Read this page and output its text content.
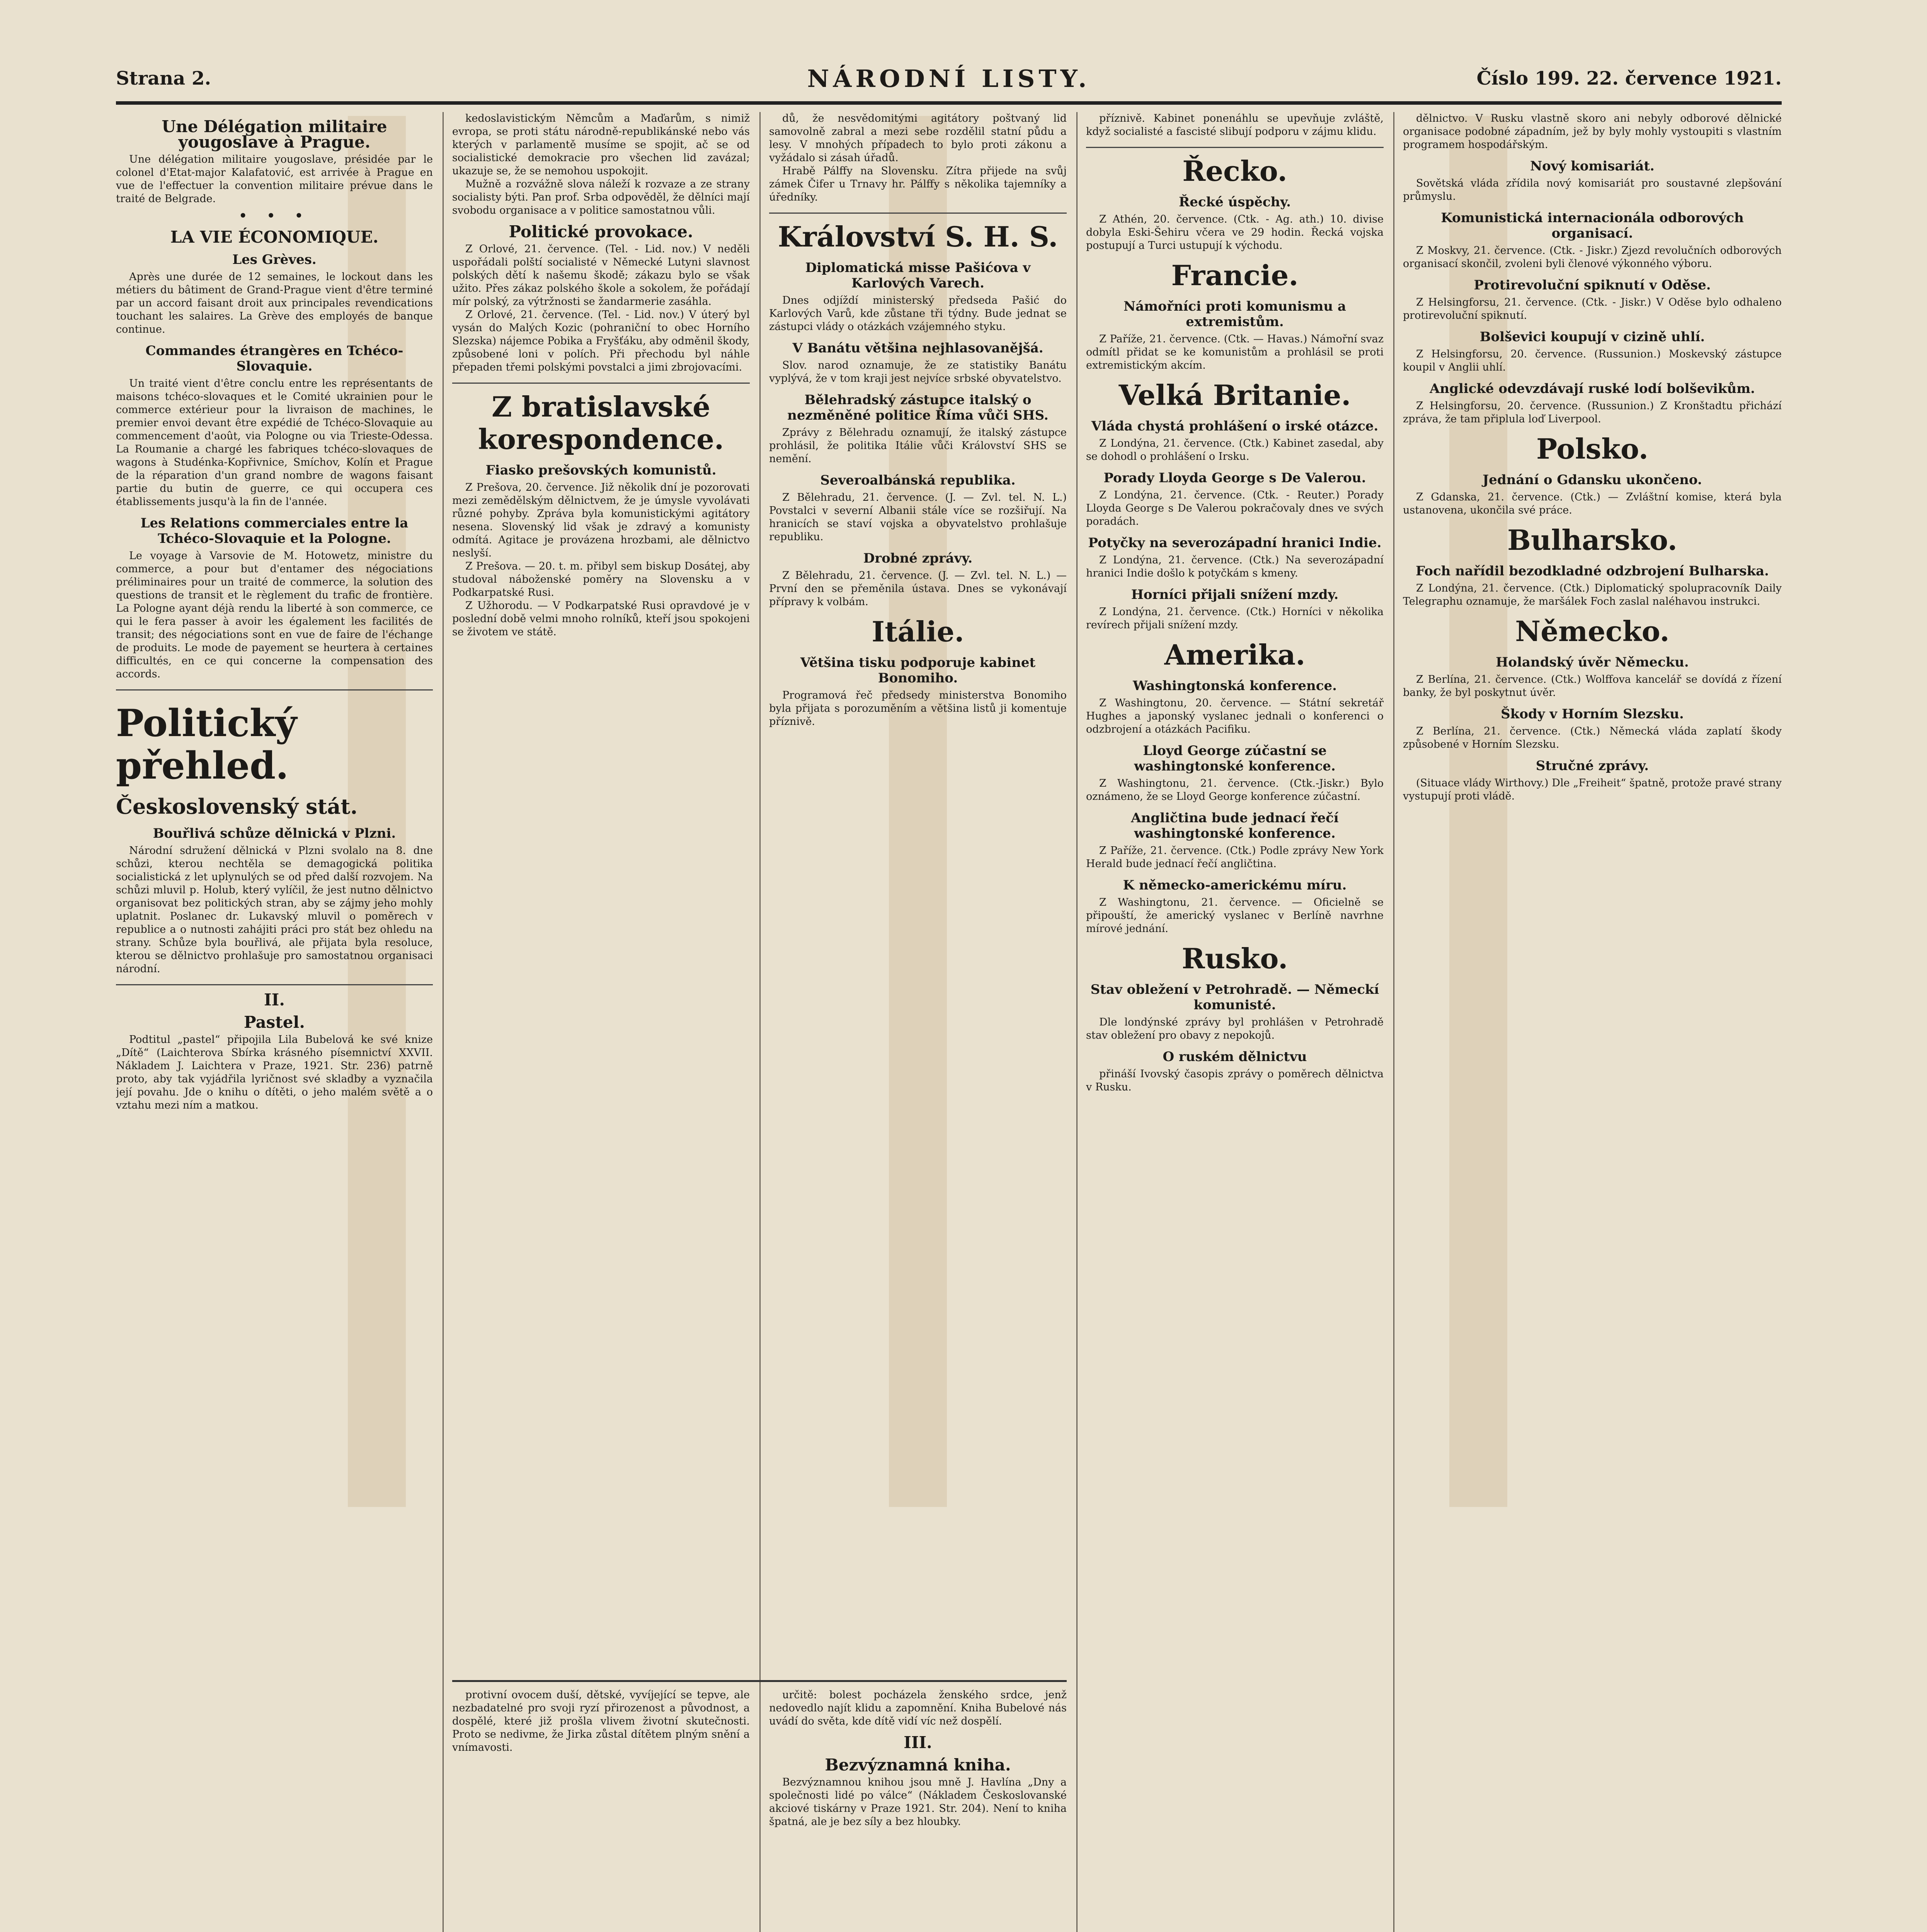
Strana 2.	NÁRODNÍ LISTY.	Číslo 199. 22. července 1921.
Une Délégation militaire yougoslave à Prague.

Une délégation militaire yougoslave, présidée par le colonel d'Etat-major Kalafatović, est arrivée à Prague en vue de l'effectuer la convention militaire prévue dans le traité de Belgrade.

• • •
LA VIE ÉCONOMIQUE.
Les Grèves.

Après une durée de 12 semaines, le lockout dans les métiers du bâtiment de Grand-Prague vient d'être terminé par un accord faisant droit aux principales revendications touchant les salaires. La Grève des employés de banque continue.

Commandes étrangères en Tchéco-Slovaquie.

Un traité vient d'être conclu entre les représentants de maisons tchéco-slovaques et le Comité ukrainien pour le commerce extérieur pour la livraison de machines, le premier envoi devant être expédié de Tchéco-Slovaquie au commencement d'août, via Pologne ou via Trieste-Odessa. La Roumanie a chargé les fabriques tchéco-slovaques de wagons à Studénka-Kopřivnice, Smíchov, Kolín et Prague de la réparation d'un grand nombre de wagons faisant partie du butin de guerre, ce qui occupera ces établissements jusqu'à la fin de l'année.

Les Relations commerciales entre la Tchéco-Slovaquie et la Pologne.

Le voyage à Varsovie de M. Hotowetz, ministre du commerce, a pour but d'entamer des négociations préliminaires pour un traité de commerce, la solution des questions de transit et le règlement du trafic de frontière. La Pologne ayant déjà rendu la liberté à son commerce, ce qui le fera passer à avoir les également les facilités de transit; des négociations sont en vue de faire de l'échange de produits. Le mode de payement se heurtera à certaines difficultés, en ce qui concerne la compensation des accords.

Politický přehled.
Československý stát.
Bouřlivá schůze dělnická v Plzni.

Národní sdružení dělnická v Plzni svolalo na 8. dne schůzi, kterou nechtěla se demagogická politika socialistická z let uplynulých se od před další rozvojem. Na schůzi mluvil p. Holub, který vylíčil, že jest nutno dělnictvo organisovat bez politických stran, aby se zájmy jeho mohly uplatnit. Poslanec dr. Lukavský mluvil o poměrech v republice a o nutnosti zahájiti práci pro stát bez ohledu na strany. Schůze byla bouřlivá, ale přijata byla resoluce, kterou se dělnictvo prohlašuje pro samostatnou organisaci národní.

II.
Pastel.

Podtitul „pastel“ připojila Lila Bubelová ke své knize „Dítě“ (Laichterova Sbírka krásného písemnictví XXVII. Nákladem J. Laichtera v Praze, 1921. Str. 236) patrně proto, aby tak vyjádřila lyričnost své skladby a vyznačila její povahu. Jde o knihu o dítěti, o jeho malém světě a o vztahu mezi ním a matkou.

kedoslavistickým Němcům a Maďarům, s nimiž evropa, se proti státu národně-republikánské nebo vás kterých v parlamentě musíme se spojit, ač se od socialistické demokracie pro všechen lid zavázal; ukazuje se, že se nemohou uspokojit.

Mužně a rozvážně slova náleží k rozvaze a ze strany socialisty býti. Pan prof. Srba odpověděl, že dělníci mají svobodu organisace a v politice samostatnou vůli.

Politické provokace.

Z Orlové, 21. července. (Tel. - Lid. nov.) V neděli uspořádali polští socialisté v Německé Lutyni slavnost polských dětí k našemu škodě; zákazu bylo se však užito. Přes zákaz polského škole a sokolem, že pořádají mír polský, za výtržnosti se žandarmerie zasáhla.

Z Orlové, 21. července. (Tel. - Lid. nov.) V úterý byl vysán do Malých Kozic (pohraniční to obec Horního Slezska) nájemce Pobika a Fryšťáku, aby odměnil škody, způsobené loni v polích. Při přechodu byl náhle přepaden třemi polskými povstalci a jimi zbrojovacími.

Z bratislavské korespondence.
Fiasko prešovských komunistů.

Z Prešova, 20. července. Již několik dní je pozorovati mezi zemědělským dělnictvem, že je úmysle vyvolávati různé pohyby. Zpráva byla komunistickými agitátory nesena. Slovenský lid však je zdravý a komunisty odmítá. Agitace je provázena hrozbami, ale dělnictvo neslyší.

Z Prešova. — 20. t. m. přibyl sem biskup Dosátej, aby studoval náboženské poměry na Slovensku a v Podkarpatské Rusi.

Z Užhorodu. — V Podkarpatské Rusi opravdové je v poslední době velmi mnoho rolníků, kteří jsou spokojeni se životem ve státě.

dů, že nesvědomitými agitátory poštvaný lid samovolně zabral a mezi sebe rozdělil statní půdu a lesy. V mnohých případech to bylo proti zákonu a vyžádalo si zásah úřadů.

Hrabě Pálffy na Slovensku. Zítra přijede na svůj zámek Čifer u Trnavy hr. Pálffy s několika tajemníky a úředníky.

Království S. H. S.
Diplomatická misse Pašićova v Karlových Varech.

Dnes odjíždí ministerský předseda Pašić do Karlových Varů, kde zůstane tři týdny. Bude jednat se zástupci vlády o otázkách vzájemného styku.

V Banátu většina nejhlasovanějšá.

Slov. narod oznamuje, že ze statistiky Banátu vyplývá, že v tom kraji jest nejvíce srbské obyvatelstvo.

Bělehradský zástupce italský o nezměněné politice Říma vůči SHS.

Zprávy z Bělehradu oznamují, že italský zástupce prohlásil, že politika Itálie vůči Království SHS se nemění.

Severoalbánská republika.

Z Bělehradu, 21. července. (J. — Zvl. tel. N. L.) Povstalci v severní Albanii stále více se rozšiřují. Na hranicích se staví vojska a obyvatelstvo prohlašuje republiku.

Drobné zprávy.

Z Bělehradu, 21. července. (J. — Zvl. tel. N. L.) — První den se přeměnila ústava. Dnes se vykonávají přípravy k volbám.

Itálie.
Většina tisku podporuje kabinet Bonomiho.

Programová řeč předsedy ministerstva Bonomiho byla přijata s porozuměním a většina listů ji komentuje příznivě.

protivní ovocem duší, dětské, vyvíjející se tepve, ale nezbadatelné pro svoji ryzí přirozenost a původnost, a dospělé, které již prošla vlivem životní skutečnosti. Proto se nedivme, že Jirka zůstal dítětem plným snění a vnímavosti.

určitě: bolest pocházela ženského srdce, jenž nedovedlo najít klidu a zapomnění. Kniha Bubelové nás uvádí do světa, kde dítě vidí víc než dospělí.

III.
Bezvýznamná kniha.

Bezvýznamnou knihou jsou mně J. Havlína „Dny a společnosti lidé po válce“ (Nákladem Českoslovanské akciové tiskárny v Praze 1921. Str. 204). Není to kniha špatná, ale je bez síly a bez hloubky.

příznivě. Kabinet ponenáhlu se upevňuje zvláště, když socialisté a fascisté slibují podporu v zájmu klidu.

Řecko.
Řecké úspěchy.

Z Athén, 20. července. (Ctk. - Ag. ath.) 10. divise dobyla Eski-Šehiru včera ve 29 hodin. Řecká vojska postupují a Turci ustupují k východu.

Francie.
Námořníci proti komunismu a extremistům.

Z Paříže, 21. července. (Ctk. — Havas.) Námořní svaz odmítl přidat se ke komunistům a prohlásil se proti extremistickým akcím.

Velká Britanie.
Vláda chystá prohlášení o irské otázce.

Z Londýna, 21. července. (Ctk.) Kabinet zasedal, aby se dohodl o prohlášení o Irsku.

Porady Lloyda George s De Valerou.

Z Londýna, 21. července. (Ctk. - Reuter.) Porady Lloyda George s De Valerou pokračovaly dnes ve svých poradách.

Potyčky na severozápadní hranici Indie.

Z Londýna, 21. července. (Ctk.) Na severozápadní hranici Indie došlo k potyčkám s kmeny.

Horníci přijali snížení mzdy.

Z Londýna, 21. července. (Ctk.) Horníci v několika revírech přijali snížení mzdy.

Amerika.
Washingtonská konference.

Z Washingtonu, 20. července. — Státní sekretář Hughes a japonský vyslanec jednali o konferenci o odzbrojení a otázkách Pacifiku.

Lloyd George zúčastní se washingtonské konference.

Z Washingtonu, 21. července. (Ctk.-Jiskr.) Bylo oznámeno, že se Lloyd George konference zúčastní.

Angličtina bude jednací řečí washingtonské konference.

Z Paříže, 21. července. (Ctk.) Podle zprávy New York Herald bude jednací řečí angličtina.

K německo-americkému míru.

Z Washingtonu, 21. července. — Oficielně se připouští, že americký vyslanec v Berlíně navrhne mírové jednání.

Rusko.
Stav obležení v Petrohradě. — Německí komunisté.

Dle londýnské zprávy byl prohlášen v Petrohradě stav obležení pro obavy z nepokojů.

O ruském dělnictvu

přináší Ivovský časopis zprávy o poměrech dělnictva v Rusku.

dělnictvo. V Rusku vlastně skoro ani nebyly odborové dělnické organisace podobné západním, jež by byly mohly vystoupiti s vlastním programem hospodářským.

Nový komisariát.

Sovětská vláda zřídila nový komisariát pro soustavné zlepšování průmyslu.

Komunistická internacionála odborových organisací.

Z Moskvy, 21. července. (Ctk. - Jiskr.) Zjezd revolučních odborových organisací skončil, zvoleni byli členové výkonného výboru.

Protirevoluční spiknutí v Oděse.

Z Helsingforsu, 21. července. (Ctk. - Jiskr.) V Oděse bylo odhaleno protirevoluční spiknutí.

Bolševici koupují v cizině uhlí.

Z Helsingforsu, 20. července. (Russunion.) Moskevský zástupce koupil v Anglii uhlí.

Anglické odevzdávají ruské lodí bolševikům.

Z Helsingforsu, 20. července. (Russunion.) Z Kronštadtu přichází zpráva, že tam připlula loď Liverpool.

Polsko.
Jednání o Gdansku ukončeno.

Z Gdanska, 21. července. (Ctk.) — Zvláštní komise, která byla ustanovena, ukončila své práce.

Bulharsko.
Foch nařídil bezodkladné odzbrojení Bulharska.

Z Londýna, 21. července. (Ctk.) Diplomatický spolupracovník Daily Telegraphu oznamuje, že maršálek Foch zaslal naléhavou instrukci.

Německo.
Holandský úvěr Německu.

Z Berlína, 21. července. (Ctk.) Wolffova kancelář se dovídá z řízení banky, že byl poskytnut úvěr.

Škody v Horním Slezsku.

Z Berlína, 21. července. (Ctk.) Německá vláda zaplatí škody způsobené v Horním Slezsku.

Stručné zprávy.

(Situace vlády Wirthovy.) Dle „Freiheit“ špatně, protože pravé strany vystupují proti vládě.
